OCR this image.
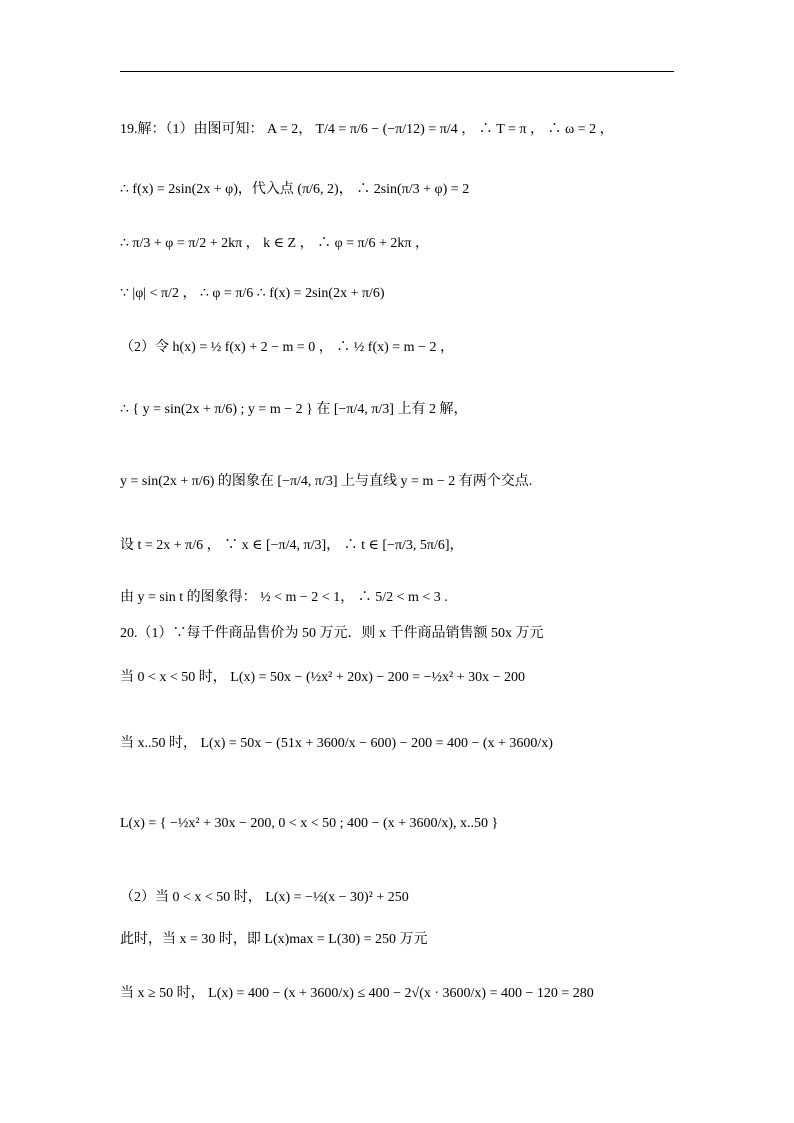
19.解：（1）由图可知： A = 2， T/4 = π/6 − (−π/12) = π/4 ， ∴ T = π ， ∴ ω = 2 ，
∴ f(x) = 2sin(2x + φ)，代入点 (π/6, 2)， ∴ 2sin(π/3 + φ) = 2
∴ π/3 + φ = π/2 + 2kπ ， k ∈ Z ， ∴ φ = π/6 + 2kπ ，
∵ |φ| < π/2 ， ∴ φ = π/6 ∴ f(x) = 2sin(2x + π/6)
（2）令 h(x) = ½ f(x) + 2 − m = 0 ， ∴ ½ f(x) = m − 2 ，
∴ { y = sin(2x + π/6) ; y = m − 2 } 在 [−π/4, π/3] 上有 2 解，
y = sin(2x + π/6) 的图象在 [−π/4, π/3] 上与直线 y = m − 2 有两个交点.
设 t = 2x + π/6 ， ∵ x ∈ [−π/4, π/3]， ∴ t ∈ [−π/3, 5π/6]，
由 y = sin t 的图象得： ½ < m − 2 < 1， ∴ 5/2 < m < 3 .
20.（1）∵每千件商品售价为 50 万元．则 x 千件商品销售额 50x 万元
当 0 < x < 50 时， L(x) = 50x − (½x² + 20x) − 200 = −½x² + 30x − 200
当 x..50 时， L(x) = 50x − (51x + 3600/x − 600) − 200 = 400 − (x + 3600/x)
L(x) = { −½x² + 30x − 200, 0 < x < 50 ; 400 − (x + 3600/x), x..50 }
（2）当 0 < x < 50 时， L(x) = −½(x − 30)² + 250
此时，当 x = 30 时，即 L(x)max = L(30) = 250 万元
当 x ≥ 50 时， L(x) = 400 − (x + 3600/x) ≤ 400 − 2√(x · 3600/x) = 400 − 120 = 280
